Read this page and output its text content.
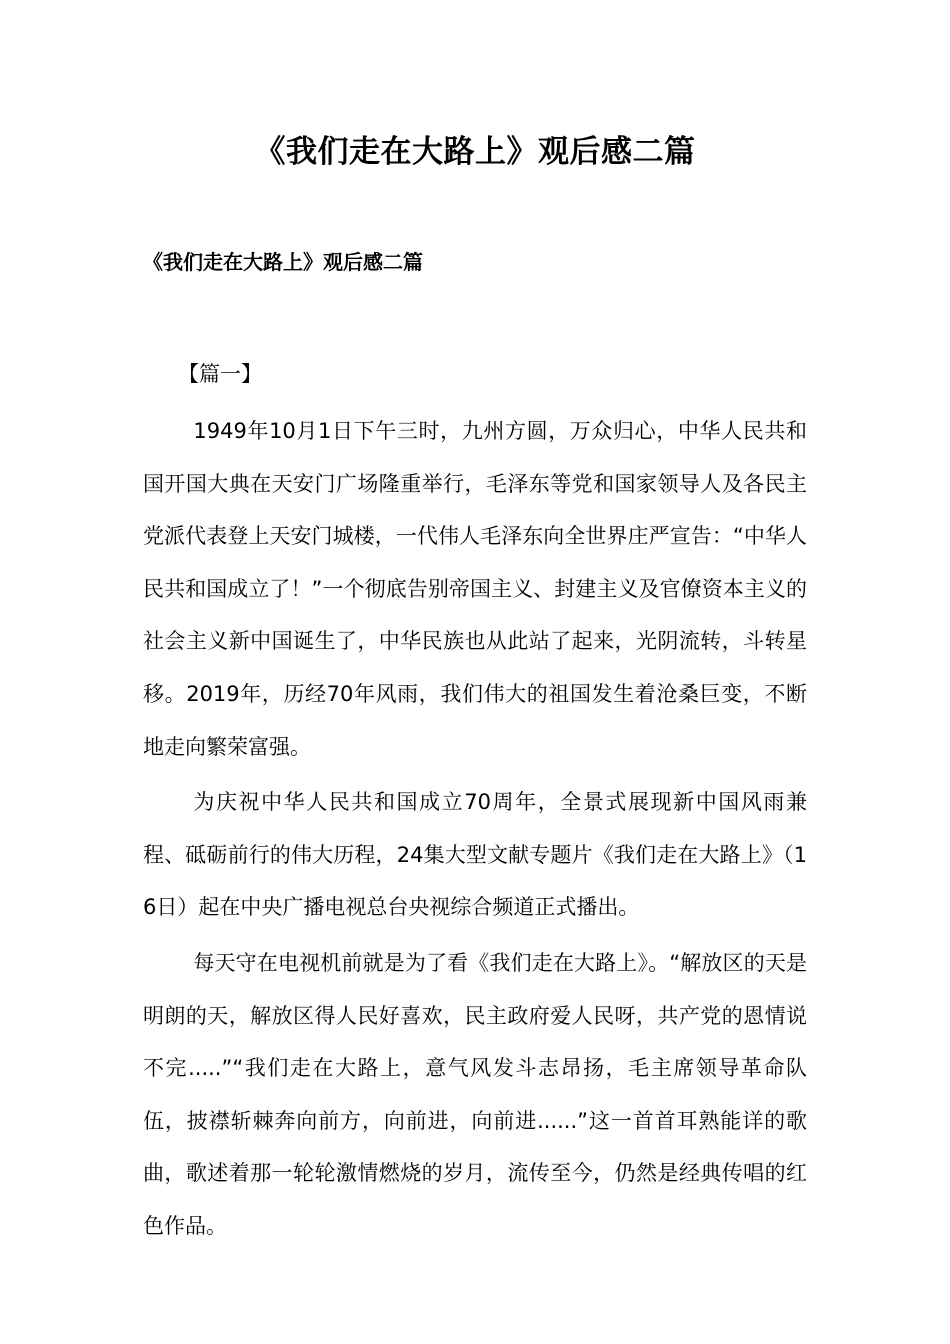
《我们走在大路上》观后感二篇
《我们走在大路上》观后感二篇
【篇一】

1949年10月1日下午三时，九州方圆，万众归心，中华人民共和国开国大典在天安门广场隆重举行，毛泽东等党和国家领导人及各民主党派代表登上天安门城楼，一代伟人毛泽东向全世界庄严宣告：“中华人民共和国成立了！”一个彻底告别帝国主义、封建主义及官僚资本主义的社会主义新中国诞生了，中华民族也从此站了起来，光阴流转，斗转星移。2019年，历经70年风雨，我们伟大的祖国发生着沧桑巨变，不断地走向繁荣富强。

为庆祝中华人民共和国成立70周年，全景式展现新中国风雨兼程、砥砺前行的伟大历程，24集大型文献专题片《我们走在大路上》（16日）起在中央广播电视总台央视综合频道正式播出。

每天守在电视机前就是为了看《我们走在大路上》。“解放区的天是明朗的天，解放区得人民好喜欢，民主政府爱人民呀，共产党的恩情说不完.....”“我们走在大路上，意气风发斗志昂扬，毛主席领导革命队伍，披襟斩棘奔向前方，向前进，向前进......”这一首首耳熟能详的歌曲，歌述着那一轮轮激情燃烧的岁月，流传至今，仍然是经典传唱的红色作品。
